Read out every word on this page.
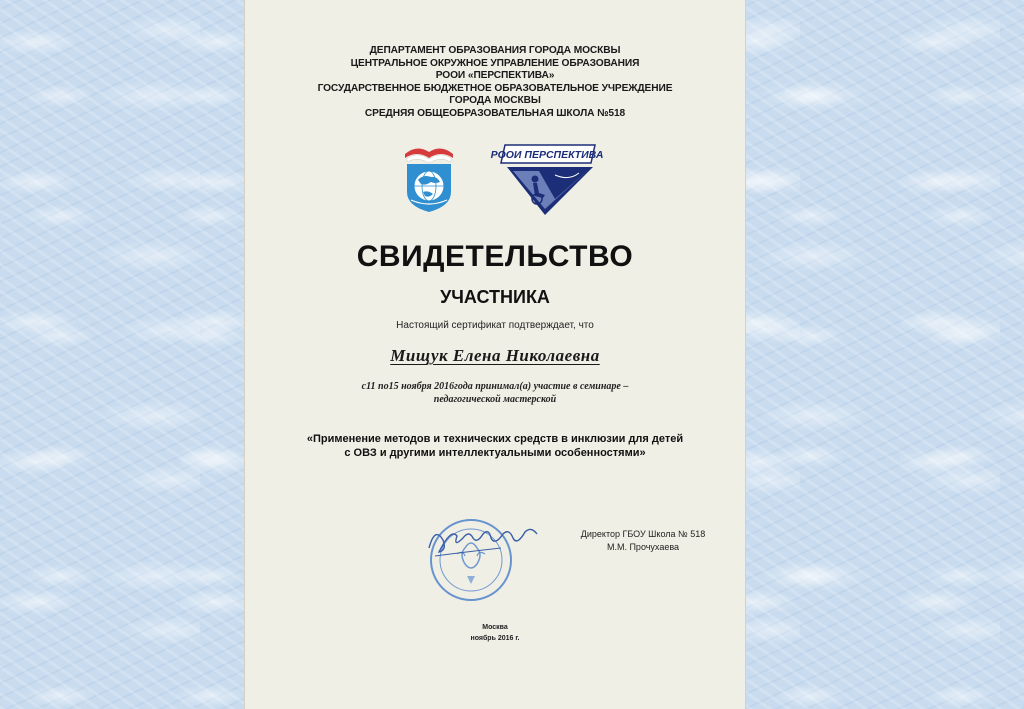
ДЕПАРТАМЕНТ ОБРАЗОВАНИЯ ГОРОДА МОСКВЫ
ЦЕНТРАЛЬНОЕ ОКРУЖНОЕ УПРАВЛЕНИЕ ОБРАЗОВАНИЯ
РООИ «ПЕРСПЕКТИВА»
ГОСУДАРСТВЕННОЕ БЮДЖЕТНОЕ ОБРАЗОВАТЕЛЬНОЕ УЧРЕЖДЕНИЕ
ГОРОДА МОСКВЫ
СРЕДНЯЯ ОБЩЕОБРАЗОВАТЕЛЬНАЯ ШКОЛА №518
РООИ ПЕРСПЕКТИВА
СВИДЕТЕЛЬСТВО
УЧАСТНИКА
Настоящий сертификат подтверждает, что
Мищук Елена Николаевна
с11 по15 ноября 2016года принимал(а) участие в семинаре –
педагогической мастерской
«Применение методов и технических средств в инклюзии для детей
с ОВЗ и другими интеллектуальными особенностями»
Директор ГБОУ Школа № 518
М.М. Прочухаева
Москва
ноябрь 2016 г.
